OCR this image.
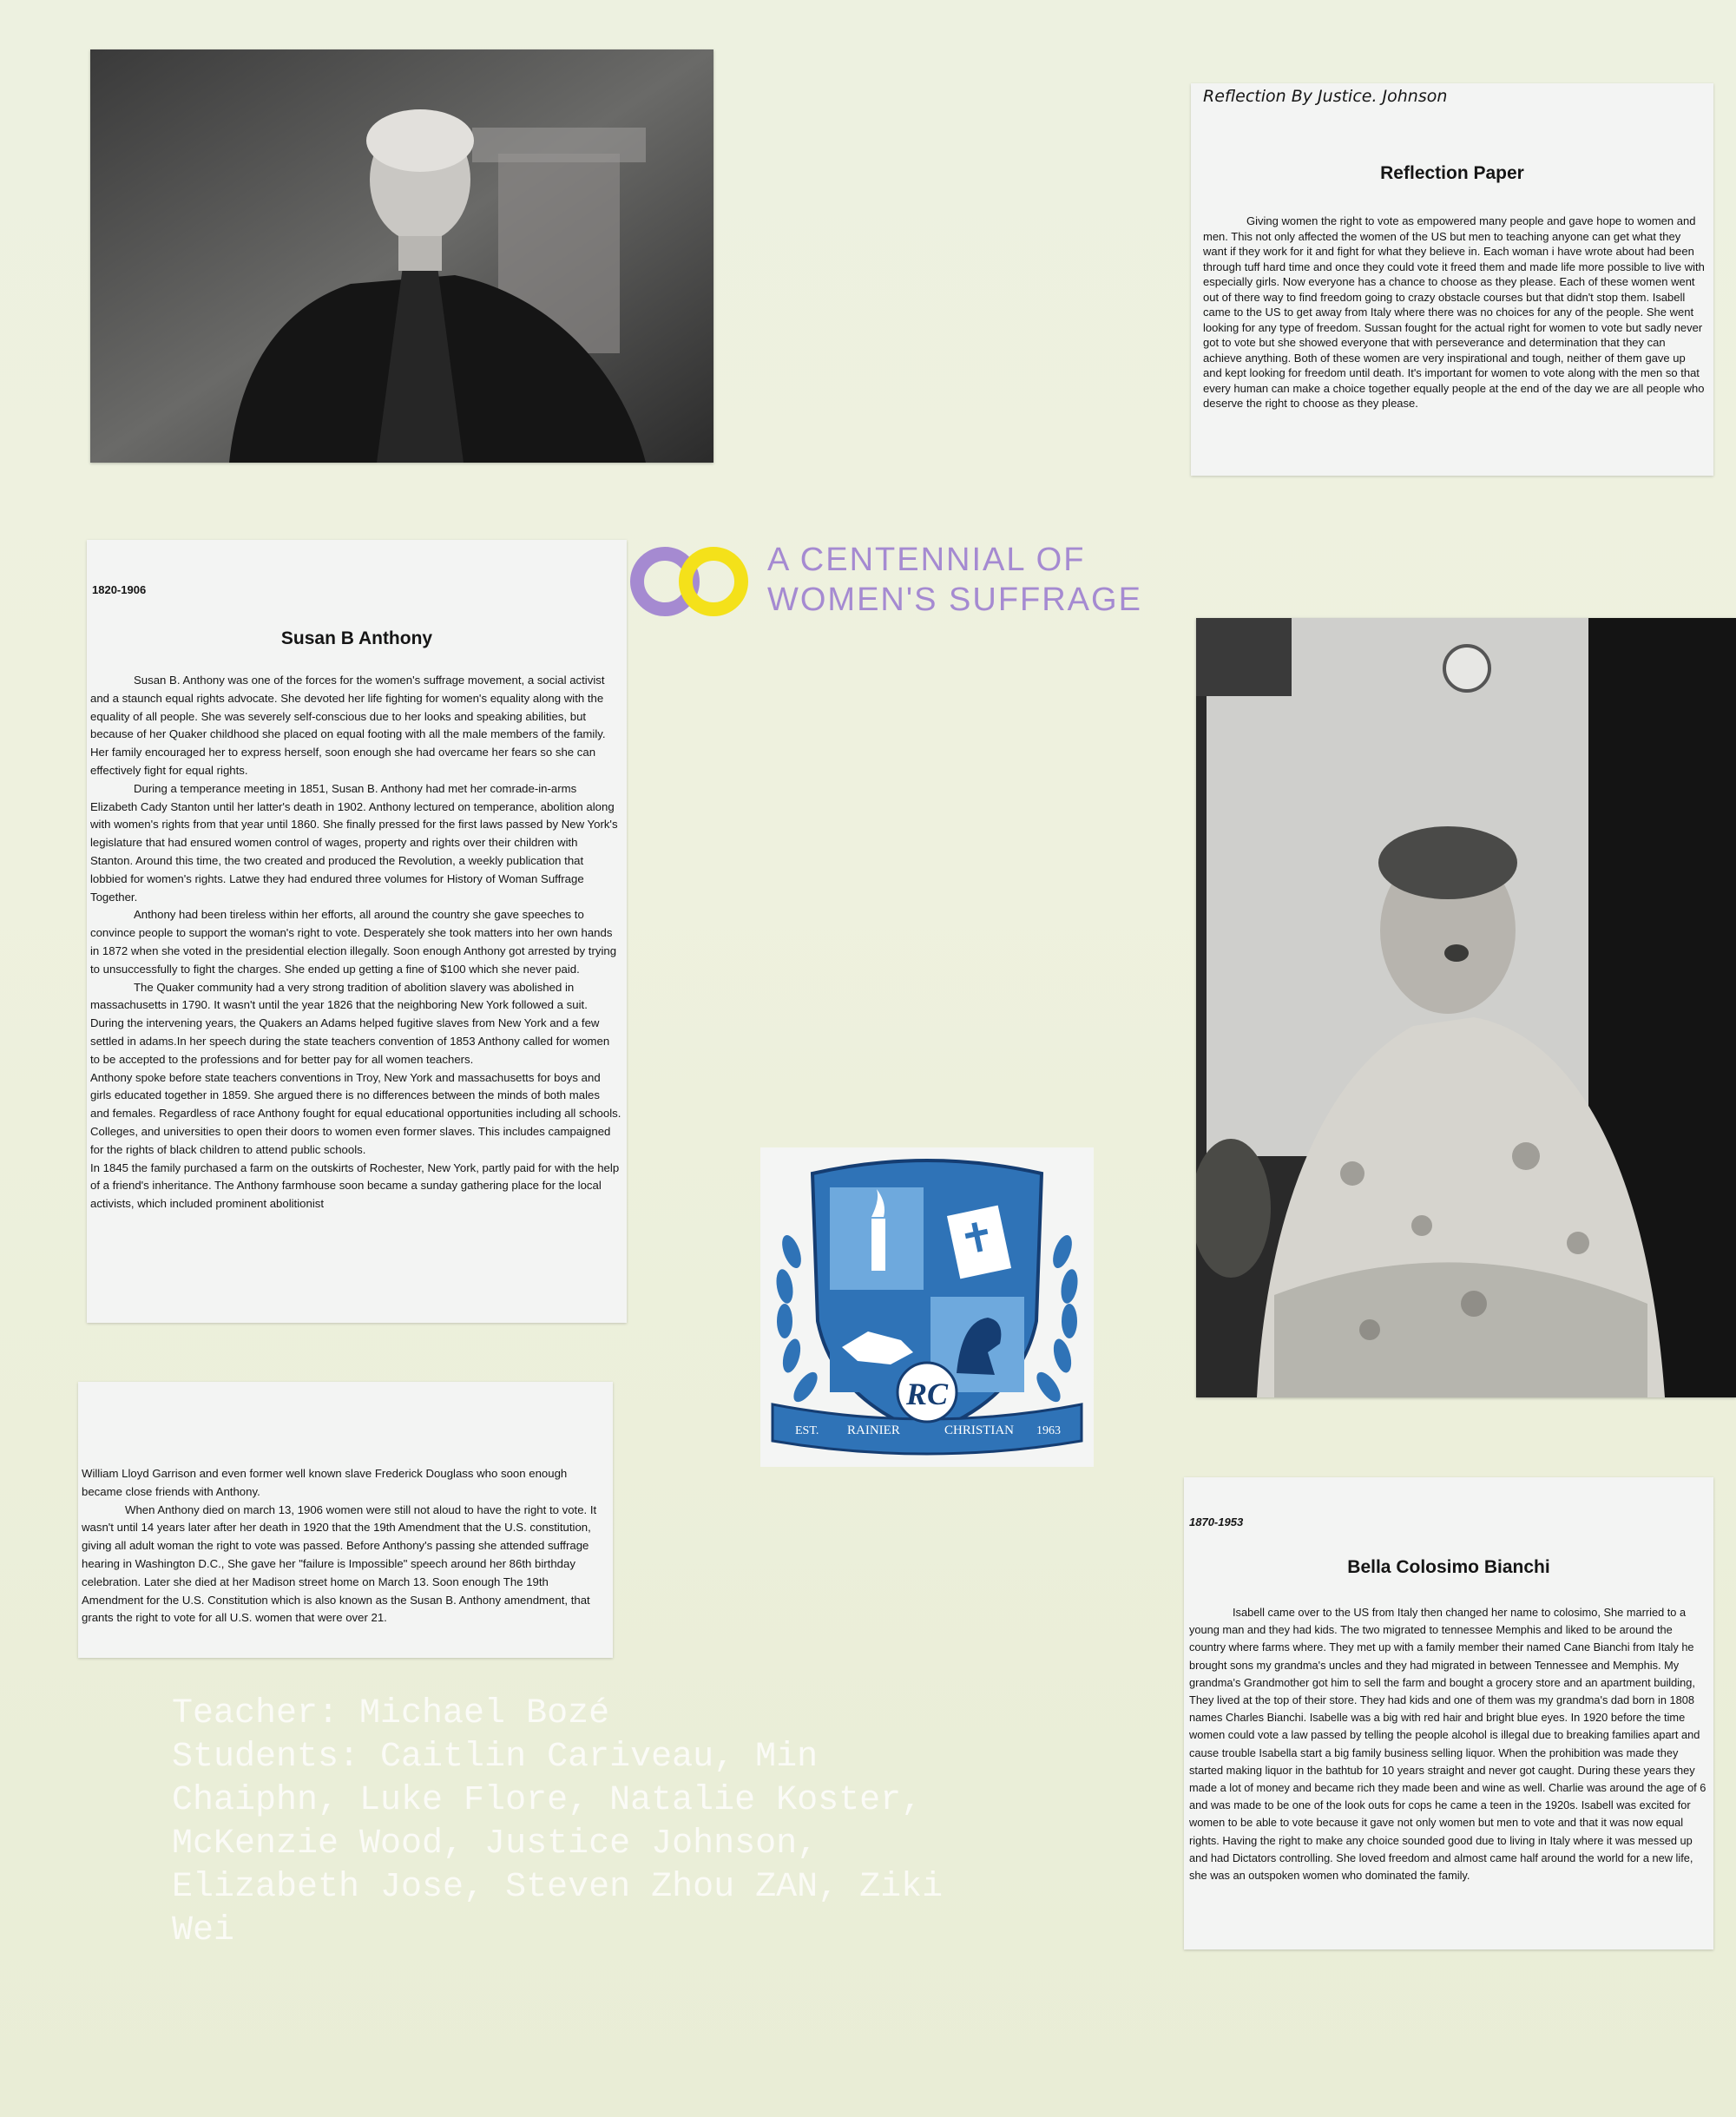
Reflection By Justice. Johnson
Reflection Paper

Giving women the right to vote as empowered many people and gave hope to women and men. This not only affected the women of the US but men to teaching anyone can get what they want if they work for it and fight for what they believe in. Each woman i have wrote about had been through tuff hard time and once they could vote it freed them and made life more possible to live with especially girls. Now everyone has a chance to choose as they please. Each of these women went out of there way to find freedom going to crazy obstacle courses but that didn't stop them. Isabell came to the US to get away from Italy where there was no choices for any of the people. She went looking for any type of freedom. Sussan fought for the actual right for women to vote but sadly never got to vote but she showed everyone that with perseverance and determination that they can achieve anything. Both of these women are very inspirational and tough, neither of them gave up and kept looking for freedom until death. It's important for women to vote along with the men so that every human can make a choice together equally people at the end of the day we are all people who deserve the right to choose as they please.

A CENTENNIAL OF
WOMEN'S SUFFRAGE
1820-1906
Susan B Anthony

Susan B. Anthony was one of the forces for the women's suffrage movement, a social activist and a staunch equal rights advocate. She devoted her life fighting for women's equality along with the equality of all people. She was severely self-conscious due to her looks and speaking abilities, but because of her Quaker childhood she placed on equal footing with all the male members of the family. Her family encouraged her to express herself, soon enough she had overcame her fears so she can effectively fight for equal rights.

During a temperance meeting in 1851, Susan B. Anthony had met her comrade-in-arms Elizabeth Cady Stanton until her latter's death in 1902. Anthony lectured on temperance, abolition along with women's rights from that year until 1860. She finally pressed for the first laws passed by New York's legislature that had ensured women control of wages, property and rights over their children with Stanton. Around this time, the two created and produced the Revolution, a weekly publication that lobbied for women's rights. Latwe they had endured three volumes for History of Woman Suffrage Together.

Anthony had been tireless within her efforts, all around the country she gave speeches to convince people to support the woman's right to vote. Desperately she took matters into her own hands in 1872 when she voted in the presidential election illegally. Soon enough Anthony got arrested by trying to unsuccessfully to fight the charges. She ended up getting a fine of $100 which she never paid.

The Quaker community had a very strong tradition of abolition slavery was abolished in massachusetts in 1790. It wasn't until the year 1826 that the neighboring New York followed a suit. During the intervening years, the Quakers an Adams helped fugitive slaves from New York and a few settled in adams.In her speech during the state teachers convention of 1853 Anthony called for women to be accepted to the professions and for better pay for all women teachers.

Anthony spoke before state teachers conventions in Troy, New York and massachusetts for boys and girls educated together in 1859. She argued there is no differences between the minds of both males and females. Regardless of race Anthony fought for equal educational opportunities including all schools. Colleges, and universities to open their doors to women even former slaves. This includes campaigned for the rights of black children to attend public schools.

In 1845 the family purchased a farm on the outskirts of Rochester, New York, partly paid for with the help of a friend's inheritance. The Anthony farmhouse soon became a sunday gathering place for the local activists, which included prominent abolitionist

William Lloyd Garrison and even former well known slave Frederick Douglass who soon enough became close friends with Anthony.

When Anthony died on march 13, 1906 women were still not aloud to have the right to vote. It wasn't until 14 years later after her death in 1920 that the 19th Amendment that the U.S. constitution, giving all adult woman the right to vote was passed. Before Anthony's passing she attended suffrage hearing in Washington D.C., She gave her "failure is Impossible" speech around her 86th birthday celebration. Later she died at her Madison street home on March 13. Soon enough The 19th Amendment for the U.S. Constitution which is also known as the Susan B. Anthony amendment, that grants the right to vote for all U.S. women that were over 21.

EST. RAINIER	CHRISTIAN 1963
RC
1870-1953
Bella Colosimo Bianchi

Isabell came over to the US from Italy then changed her name to colosimo, She married to a young man and they had kids. The two migrated to tennessee Memphis and liked to be around the country where farms where. They met up with a family member their named Cane Bianchi from Italy he brought sons my grandma's uncles and they had migrated in between Tennessee and Memphis. My grandma's Grandmother got him to sell the farm and bought a grocery store and an apartment building, They lived at the top of their store. They had kids and one of them was my grandma's dad born in 1808 names Charles Bianchi. Isabelle was a big with red hair and bright blue eyes. In 1920 before the time women could vote a law passed by telling the people alcohol is illegal due to breaking families apart and cause trouble Isabella start a big family business selling liquor. When the prohibition was made they started making liquor in the bathtub for 10 years straight and never got caught. During these years they made a lot of money and became rich they made been and wine as well. Charlie was around the age of 6 and was made to be one of the look outs for cops he came a teen in the 1920s. Isabell was excited for women to be able to vote because it gave not only women but men to vote and that it was now equal rights. Having the right to make any choice sounded good due to living in Italy where it was messed up and had Dictators controlling. She loved freedom and almost came half around the world for a new life, she was an outspoken women who dominated the family.

Teacher: Michael Bozé
Students: Caitlin Cariveau, Min Chaiphn, Luke Flore, Natalie Koster, McKenzie Wood, Justice Johnson, Elizabeth Jose, Steven Zhou ZAN, Ziki Wei
